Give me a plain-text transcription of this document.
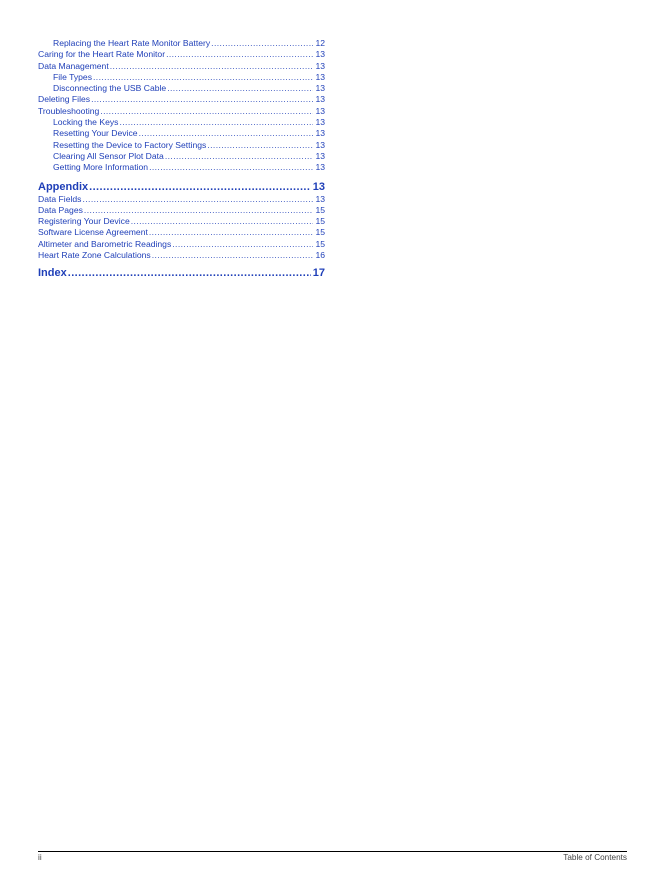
Replacing the Heart Rate Monitor Battery .....	12
Caring for the Heart Rate Monitor .....	13
Data Management .....	13
File Types .....	13
Disconnecting the USB Cable .....	13
Deleting Files .....	13
Troubleshooting .....	13
Locking the Keys .....	13
Resetting Your Device .....	13
Resetting the Device to Factory Settings .....	13
Clearing All Sensor Plot Data .....	13
Getting More Information .....	13
Appendix .....	13
Data Fields .....	13
Data Pages .....	15
Registering Your Device .....	15
Software License Agreement .....	15
Altimeter and Barometric Readings .....	15
Heart Rate Zone Calculations .....	16
Index .....	17
ii	Table of Contents
